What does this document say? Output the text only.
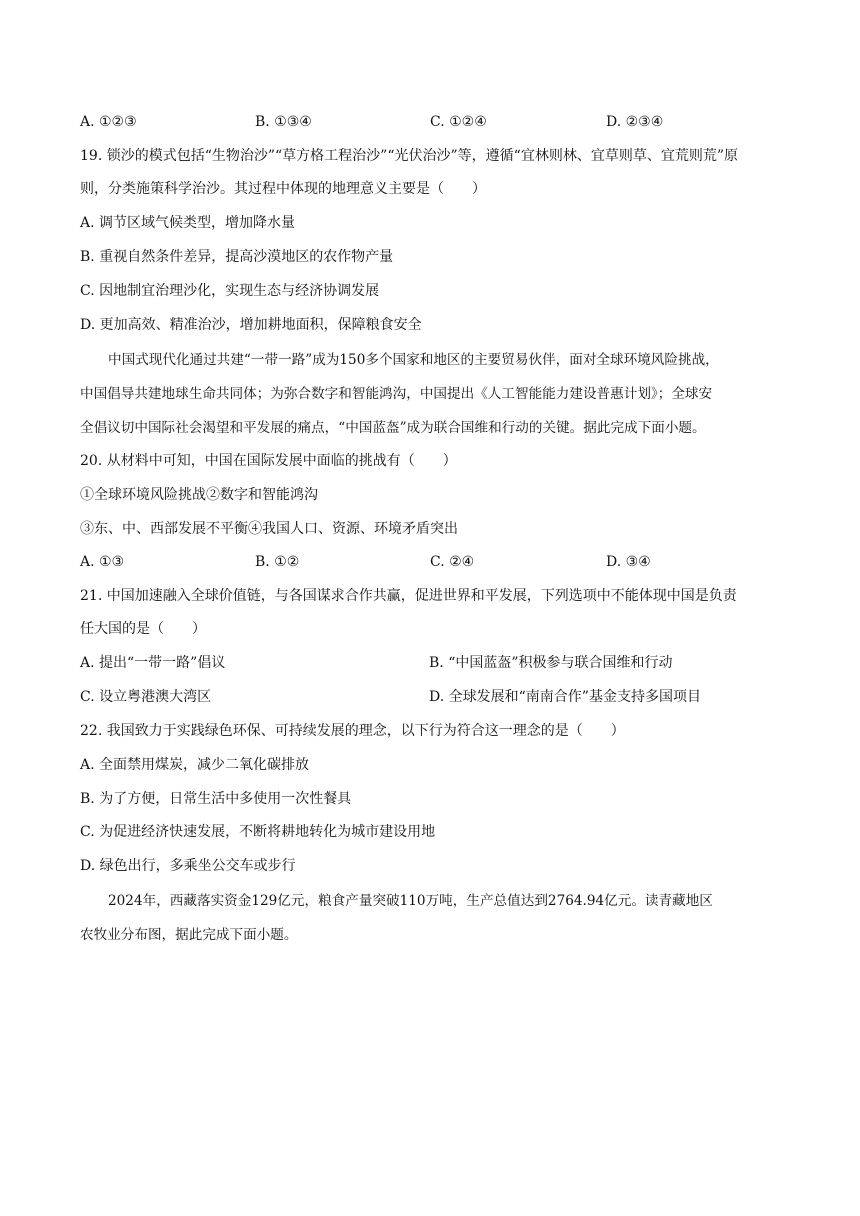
A. ①②③	B. ①③④	C. ①②④	D. ②③④
19. 锁沙的模式包括“生物治沙”“草方格工程治沙”“光伏治沙”等，遵循“宜林则林、宜草则草、宜荒则荒”原
则，分类施策科学治沙。其过程中体现的地理意义主要是（　　）
A. 调节区域气候类型，增加降水量
B. 重视自然条件差异，提高沙漠地区的农作物产量
C. 因地制宜治理沙化，实现生态与经济协调发展
D. 更加高效、精准治沙，增加耕地面积，保障粮食安全
中国式现代化通过共建“一带一路”成为150多个国家和地区的主要贸易伙伴，面对全球环境风险挑战，
中国倡导共建地球生命共同体；为弥合数字和智能鸿沟，中国提出《人工智能能力建设普惠计划》；全球安
全倡议切中国际社会渴望和平发展的痛点，“中国蓝盔”成为联合国维和行动的关键。据此完成下面小题。
20. 从材料中可知，中国在国际发展中面临的挑战有（　　）
①全球环境风险挑战②数字和智能鸿沟
③东、中、西部发展不平衡④我国人口、资源、环境矛盾突出
A. ①③	B. ①②	C. ②④	D. ③④
21. 中国加速融入全球价值链，与各国谋求合作共赢，促进世界和平发展，下列选项中不能体现中国是负责
任大国的是（　　）
A. 提出“一带一路”倡议	B. “中国蓝盔”积极参与联合国维和行动
C. 设立粤港澳大湾区	D. 全球发展和“南南合作”基金支持多国项目
22. 我国致力于实践绿色环保、可持续发展的理念，以下行为符合这一理念的是（　　）
A. 全面禁用煤炭，减少二氧化碳排放
B. 为了方便，日常生活中多使用一次性餐具
C. 为促进经济快速发展，不断将耕地转化为城市建设用地
D. 绿色出行，多乘坐公交车或步行
2024年，西藏落实资金129亿元，粮食产量突破110万吨，生产总值达到2764.94亿元。读青藏地区
农牧业分布图，据此完成下面小题。
